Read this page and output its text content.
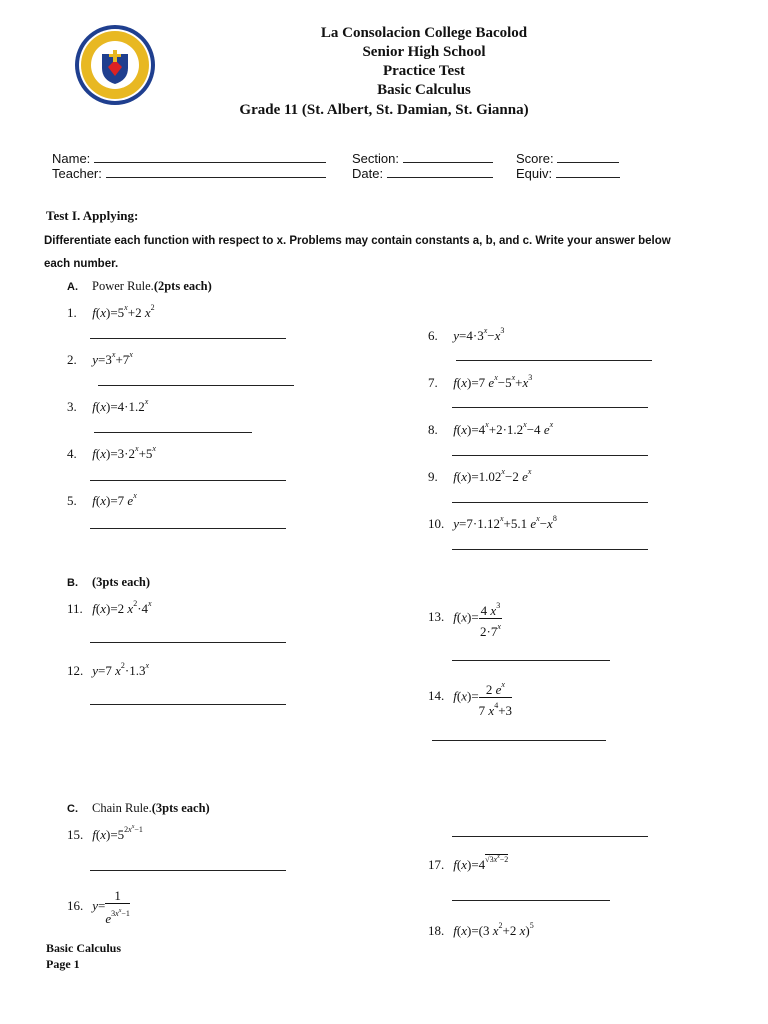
La Consolacion College Bacolod
Senior High School
Practice Test
Basic Calculus
Grade 11 (St. Albert, St. Damian, St. Gianna)
Name:	Section:	Score:
Teacher:	Date:	Equiv:
Test I. Applying:
Differentiate each function with respect to x. Problems may contain constants a, b, and c. Write your answer below
each number.
A. Power Rule.(2pts each)
1. $f(x)=5^x+2$ $x^2$
2. $y=3^x+7^x$
3. $f(x)=4\cdot 1.2^x$
4. $f(x)=3\cdot 2^x+5^x$
5. f(x)=7 $e^x$
6. $y=4\cdot 3^x-x^3$
7. f(x)=7 $e^x-5^x+x^3$
8. $f(x)=4^x+2\cdot 1.2^x-4$ $e^x$
9. $f(x)=1.02^x-2$ $e^x$
10. $y=7\cdot 1.12^x+5.1$ $e^x-x^8$
B. (3pts each)
11. f(x)=2 $x^2\cdot 4^x$
12. y=7 $x^2\cdot 1.3^x$
13. $f(x)= \frac{4 x^3}{2\cdot 7^x}$
14. $f(x)= \frac{2 e^x}{7 x^4+3}$
C. Chain Rule.(3pts each)
15. $f(x)=5^{2x^x-1}$
16. $y= \frac{1}{e^{3x^x-1}}$
17. $f(x)=4^{√3x^x-2}$
18. f(x)=(3 $x^2+2$ x)$^5$
Basic Calculus
Page 1
